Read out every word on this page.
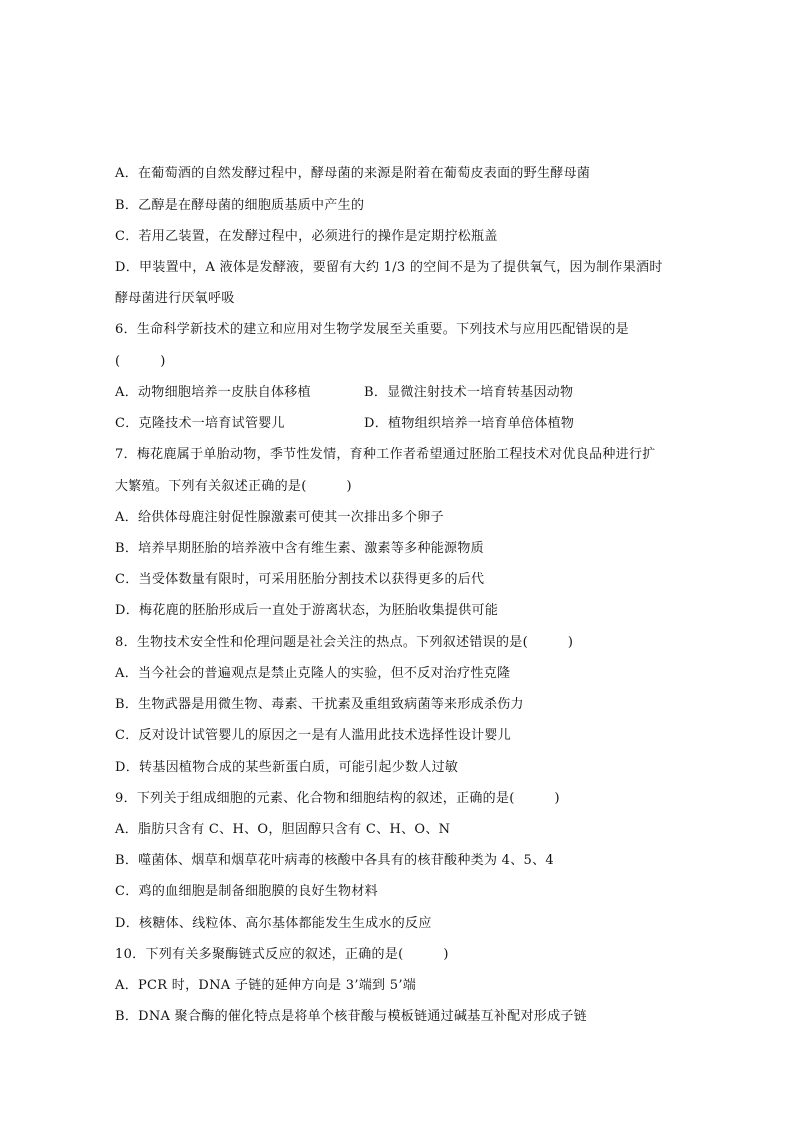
A．在葡萄酒的自然发酵过程中，酵母菌的来源是附着在葡萄皮表面的野生酵母菌
B．乙醇是在酵母菌的细胞质基质中产生的
C．若用乙装置，在发酵过程中，必须进行的操作是定期拧松瓶盖
D．甲装置中，A 液体是发酵液，要留有大约 1/3 的空间不是为了提供氧气，因为制作果酒时
酵母菌进行厌氧呼吸
6．生命科学新技术的建立和应用对生物学发展至关重要。下列技术与应用匹配错误的是
(　　　)
A．动物细胞培养一皮肤自体移植	B．显微注射技术一培育转基因动物
C．克隆技术一培育试管婴儿	D．植物组织培养一培育单倍体植物
7．梅花鹿属于单胎动物，季节性发情，育种工作者希望通过胚胎工程技术对优良品种进行扩
大繁殖。下列有关叙述正确的是(　　　)
A．给供体母鹿注射促性腺激素可使其一次排出多个卵子
B．培养早期胚胎的培养液中含有维生素、激素等多种能源物质
C．当受体数量有限时，可采用胚胎分割技术以获得更多的后代
D．梅花鹿的胚胎形成后一直处于游离状态，为胚胎收集提供可能
8．生物技术安全性和伦理问题是社会关注的热点。下列叙述错误的是(　　　)
A．当今社会的普遍观点是禁止克隆人的实验，但不反对治疗性克隆
B．生物武器是用微生物、毒素、干扰素及重组致病菌等来形成杀伤力
C．反对设计试管婴儿的原因之一是有人滥用此技术选择性设计婴儿
D．转基因植物合成的某些新蛋白质，可能引起少数人过敏
9．下列关于组成细胞的元素、化合物和细胞结构的叙述，正确的是(　　　)
A．脂肪只含有 C、H、O，胆固醇只含有 C、H、O、N
B．噬菌体、烟草和烟草花叶病毒的核酸中各具有的核苷酸种类为 4、5、4
C．鸡的血细胞是制备细胞膜的良好生物材料
D．核糖体、线粒体、高尔基体都能发生生成水的反应
10．下列有关多聚酶链式反应的叙述，正确的是(　　　)
A．PCR 时，DNA 子链的延伸方向是 3’端到 5’端
B．DNA 聚合酶的催化特点是将单个核苷酸与模板链通过碱基互补配对形成子链
